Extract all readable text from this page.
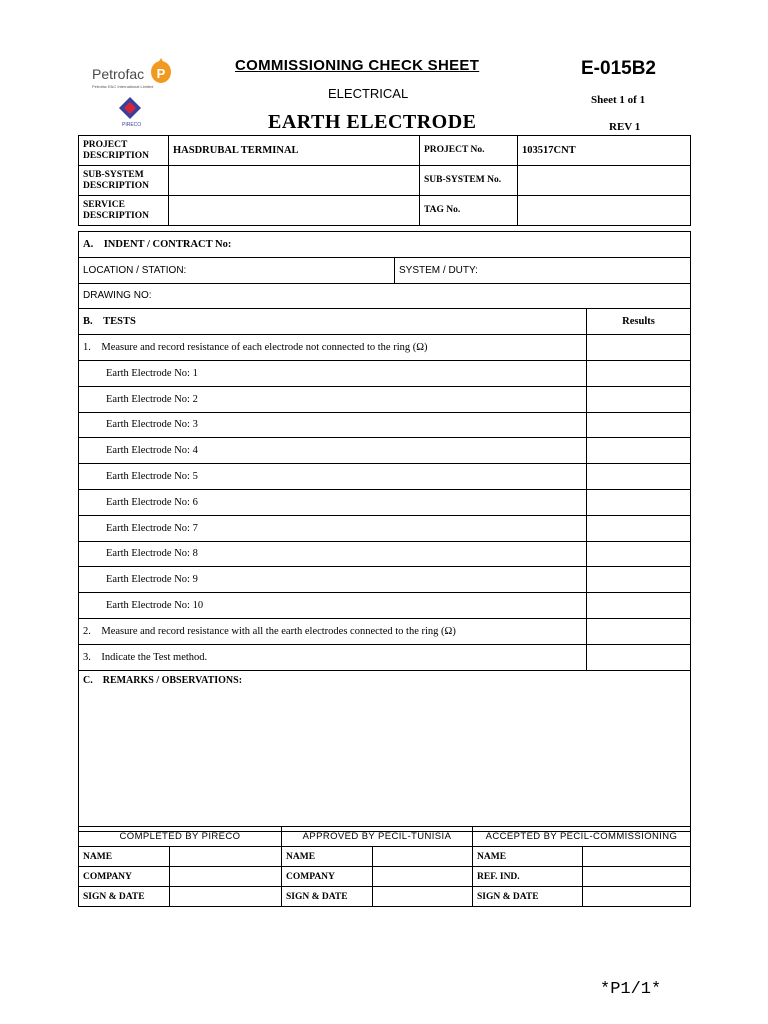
Petrofac P
Petrofac E&C International Limited
PIRECO
COMMISSIONING CHECK SHEET
ELECTRICAL
EARTH ELECTRODE
E-015B2
Sheet 1 of 1
REV 1
PROJECT DESCRIPTION	HASDRUBAL TERMINAL	PROJECT No.	103517CNT
SUB-SYSTEM DESCRIPTION		SUB-SYSTEM No.	
SERVICE DESCRIPTION		TAG No.	
A. INDENT / CONTRACT No:		
LOCATION / STATION:	SYSTEM / DUTY:	
DRAWING NO:		
B. TESTS		Results
1. Measure and record resistance of each electrode not connected to the ring (Ω)		
Earth Electrode No: 1		
Earth Electrode No: 2		
Earth Electrode No: 3		
Earth Electrode No: 4		
Earth Electrode No: 5		
Earth Electrode No: 6		
Earth Electrode No: 7		
Earth Electrode No: 8		
Earth Electrode No: 9		
Earth Electrode No: 10		
2. Measure and record resistance with all the earth electrodes connected to the ring (Ω)		
3. Indicate the Test method.		
C. REMARKS / OBSERVATIONS:		
COMPLETED BY PIRECO		APPROVED BY PECIL-TUNISIA		ACCEPTED BY PECIL-COMMISSIONING	
NAME		NAME		NAME	
COMPANY		COMPANY		REF. IND.	
SIGN & DATE		SIGN & DATE		SIGN & DATE	
*P1/1*
